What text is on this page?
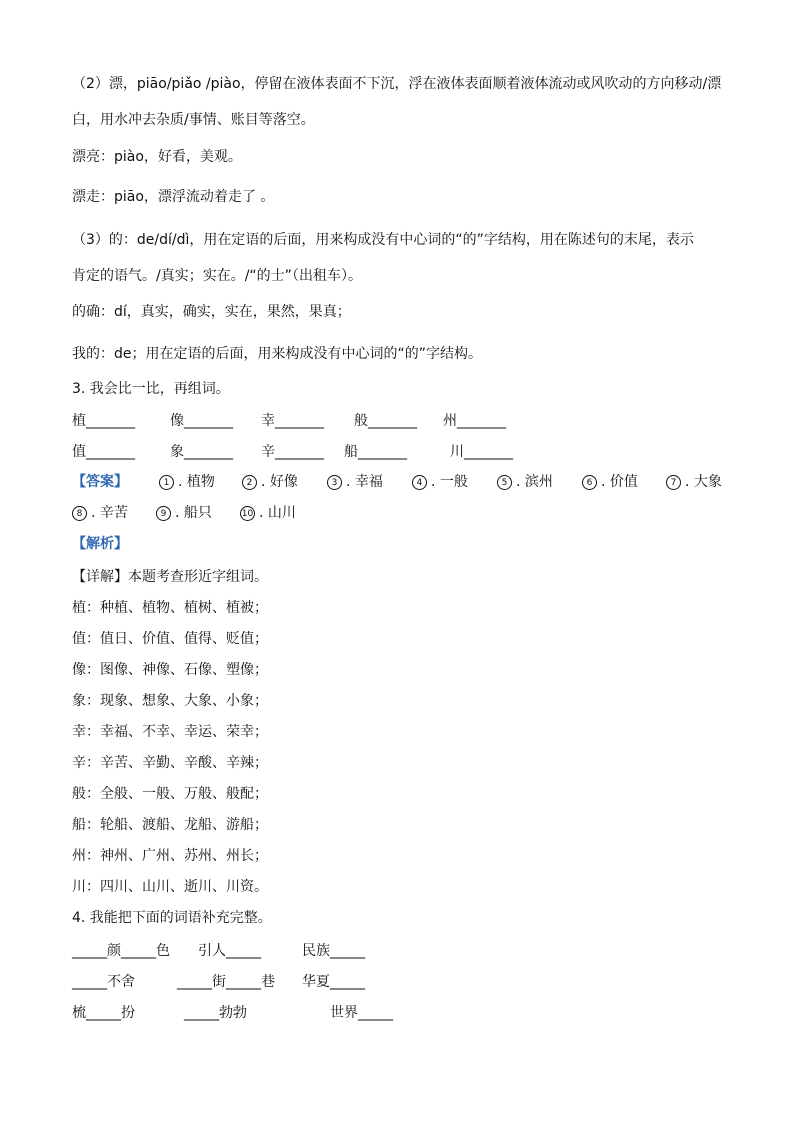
（2）漂，piāo/piǎo /piào，停留在液体表面不下沉，浮在液体表面顺着液体流动或风吹动的方向移动/漂

白，用水冲去杂质/事情、账目等落空。

漂亮：piào，好看，美观。

漂走：piāo，漂浮流动着走了 。

（3）的：de/dí/dì，用在定语的后面，用来构成没有中心词的“的”字结构，用在陈述句的末尾，表示

肯定的语气。/真实；实在。/“的士”（出租车）。

的确：dí，真实，确实，实在，果然，果真；

我的：de；用在定语的后面，用来构成没有中心词的“的”字结构。

3. 我会比一比，再组词。

植_______	像_______ 幸_______ 般_______ 州_______
值_______	象_______ 辛_______ 船_______	川_______
【答案】	1 . 植物	2 . 好像	3 . 幸福	4 . 一般	5 . 滨州	6 . 价值	7 . 大象
8 . 辛苦	9 . 船只	10 . 山川

【解析】

【详解】本题考查形近字组词。

植：种植、植物、植树、植被；

值：值日、价值、值得、贬值；

像：图像、神像、石像、塑像；

象：现象、想象、大象、小象；

幸：幸福、不幸、幸运、荣幸；

辛：辛苦、辛勤、辛酸、辛辣；

般：全般、一般、万般、般配；

船：轮船、渡船、龙船、游船；

州：神州、广州、苏州、州长；

川：四川、山川、逝川、川资。

4. 我能把下面的词语补充完整。

_____颜_____色 引人_____	民族_____
_____不舍	_____街_____巷 华夏_____
梳_____扮	_____勃勃	世界_____
